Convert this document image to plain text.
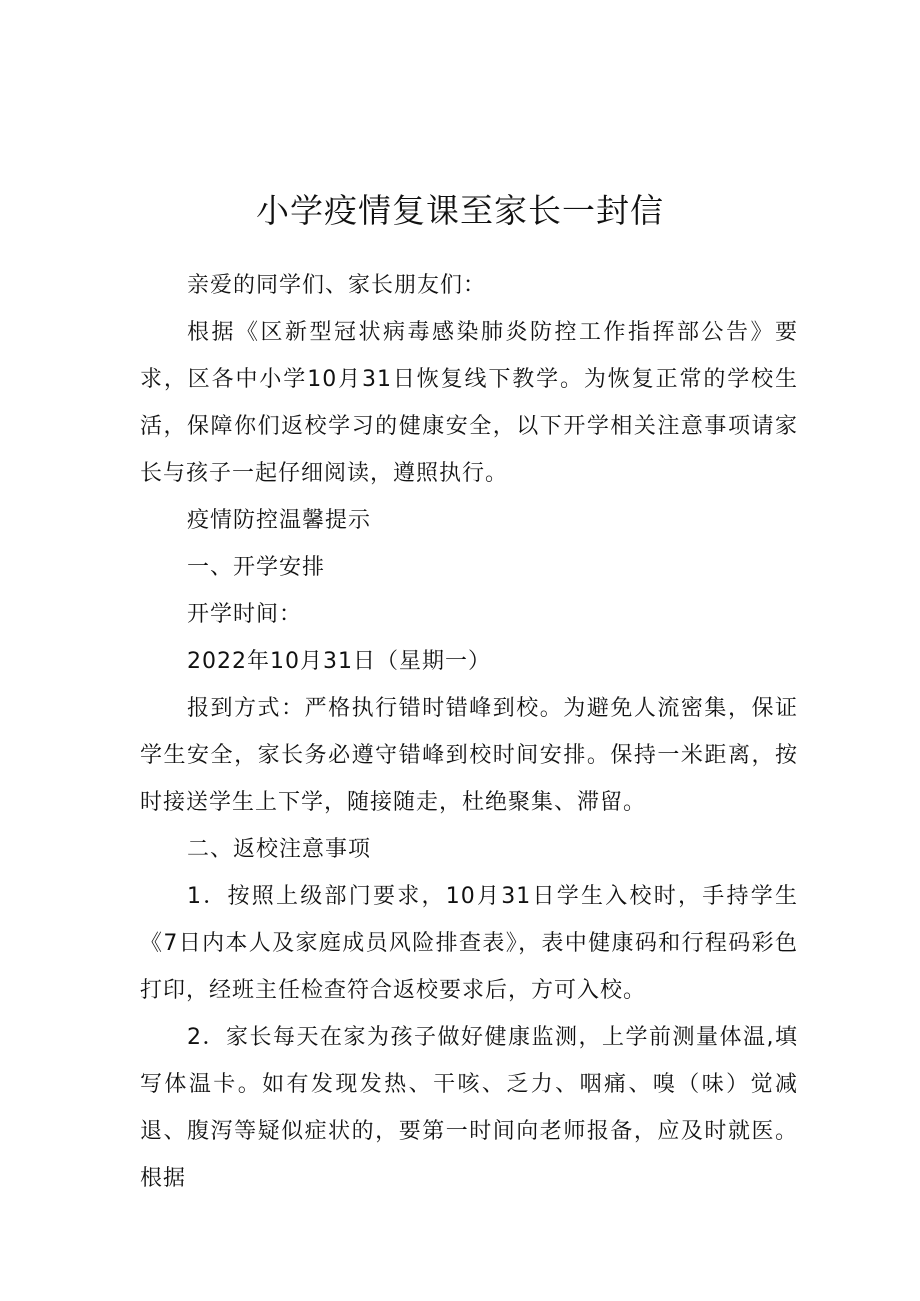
小学疫情复课至家长一封信

亲爱的同学们、家长朋友们：

根据《区新型冠状病毒感染肺炎防控工作指挥部公告》要求，区各中小学10月31日恢复线下教学。为恢复正常的学校生活，保障你们返校学习的健康安全，以下开学相关注意事项请家长与孩子一起仔细阅读，遵照执行。

疫情防控温馨提示

一、开学安排

开学时间：

2022年10月31日（星期一）

报到方式：严格执行错时错峰到校。为避免人流密集，保证学生安全，家长务必遵守错峰到校时间安排。保持一米距离，按时接送学生上下学，随接随走，杜绝聚集、滞留。

二、返校注意事项

1．按照上级部门要求，10月31日学生入校时，手持学生《7日内本人及家庭成员风险排查表》，表中健康码和行程码彩色打印，经班主任检查符合返校要求后，方可入校。

2．家长每天在家为孩子做好健康监测，上学前测量体温,填写体温卡。如有发现发热、干咳、乏力、咽痛、嗅（味）觉减退、腹泻等疑似症状的，要第一时间向老师报备，应及时就医。根据
